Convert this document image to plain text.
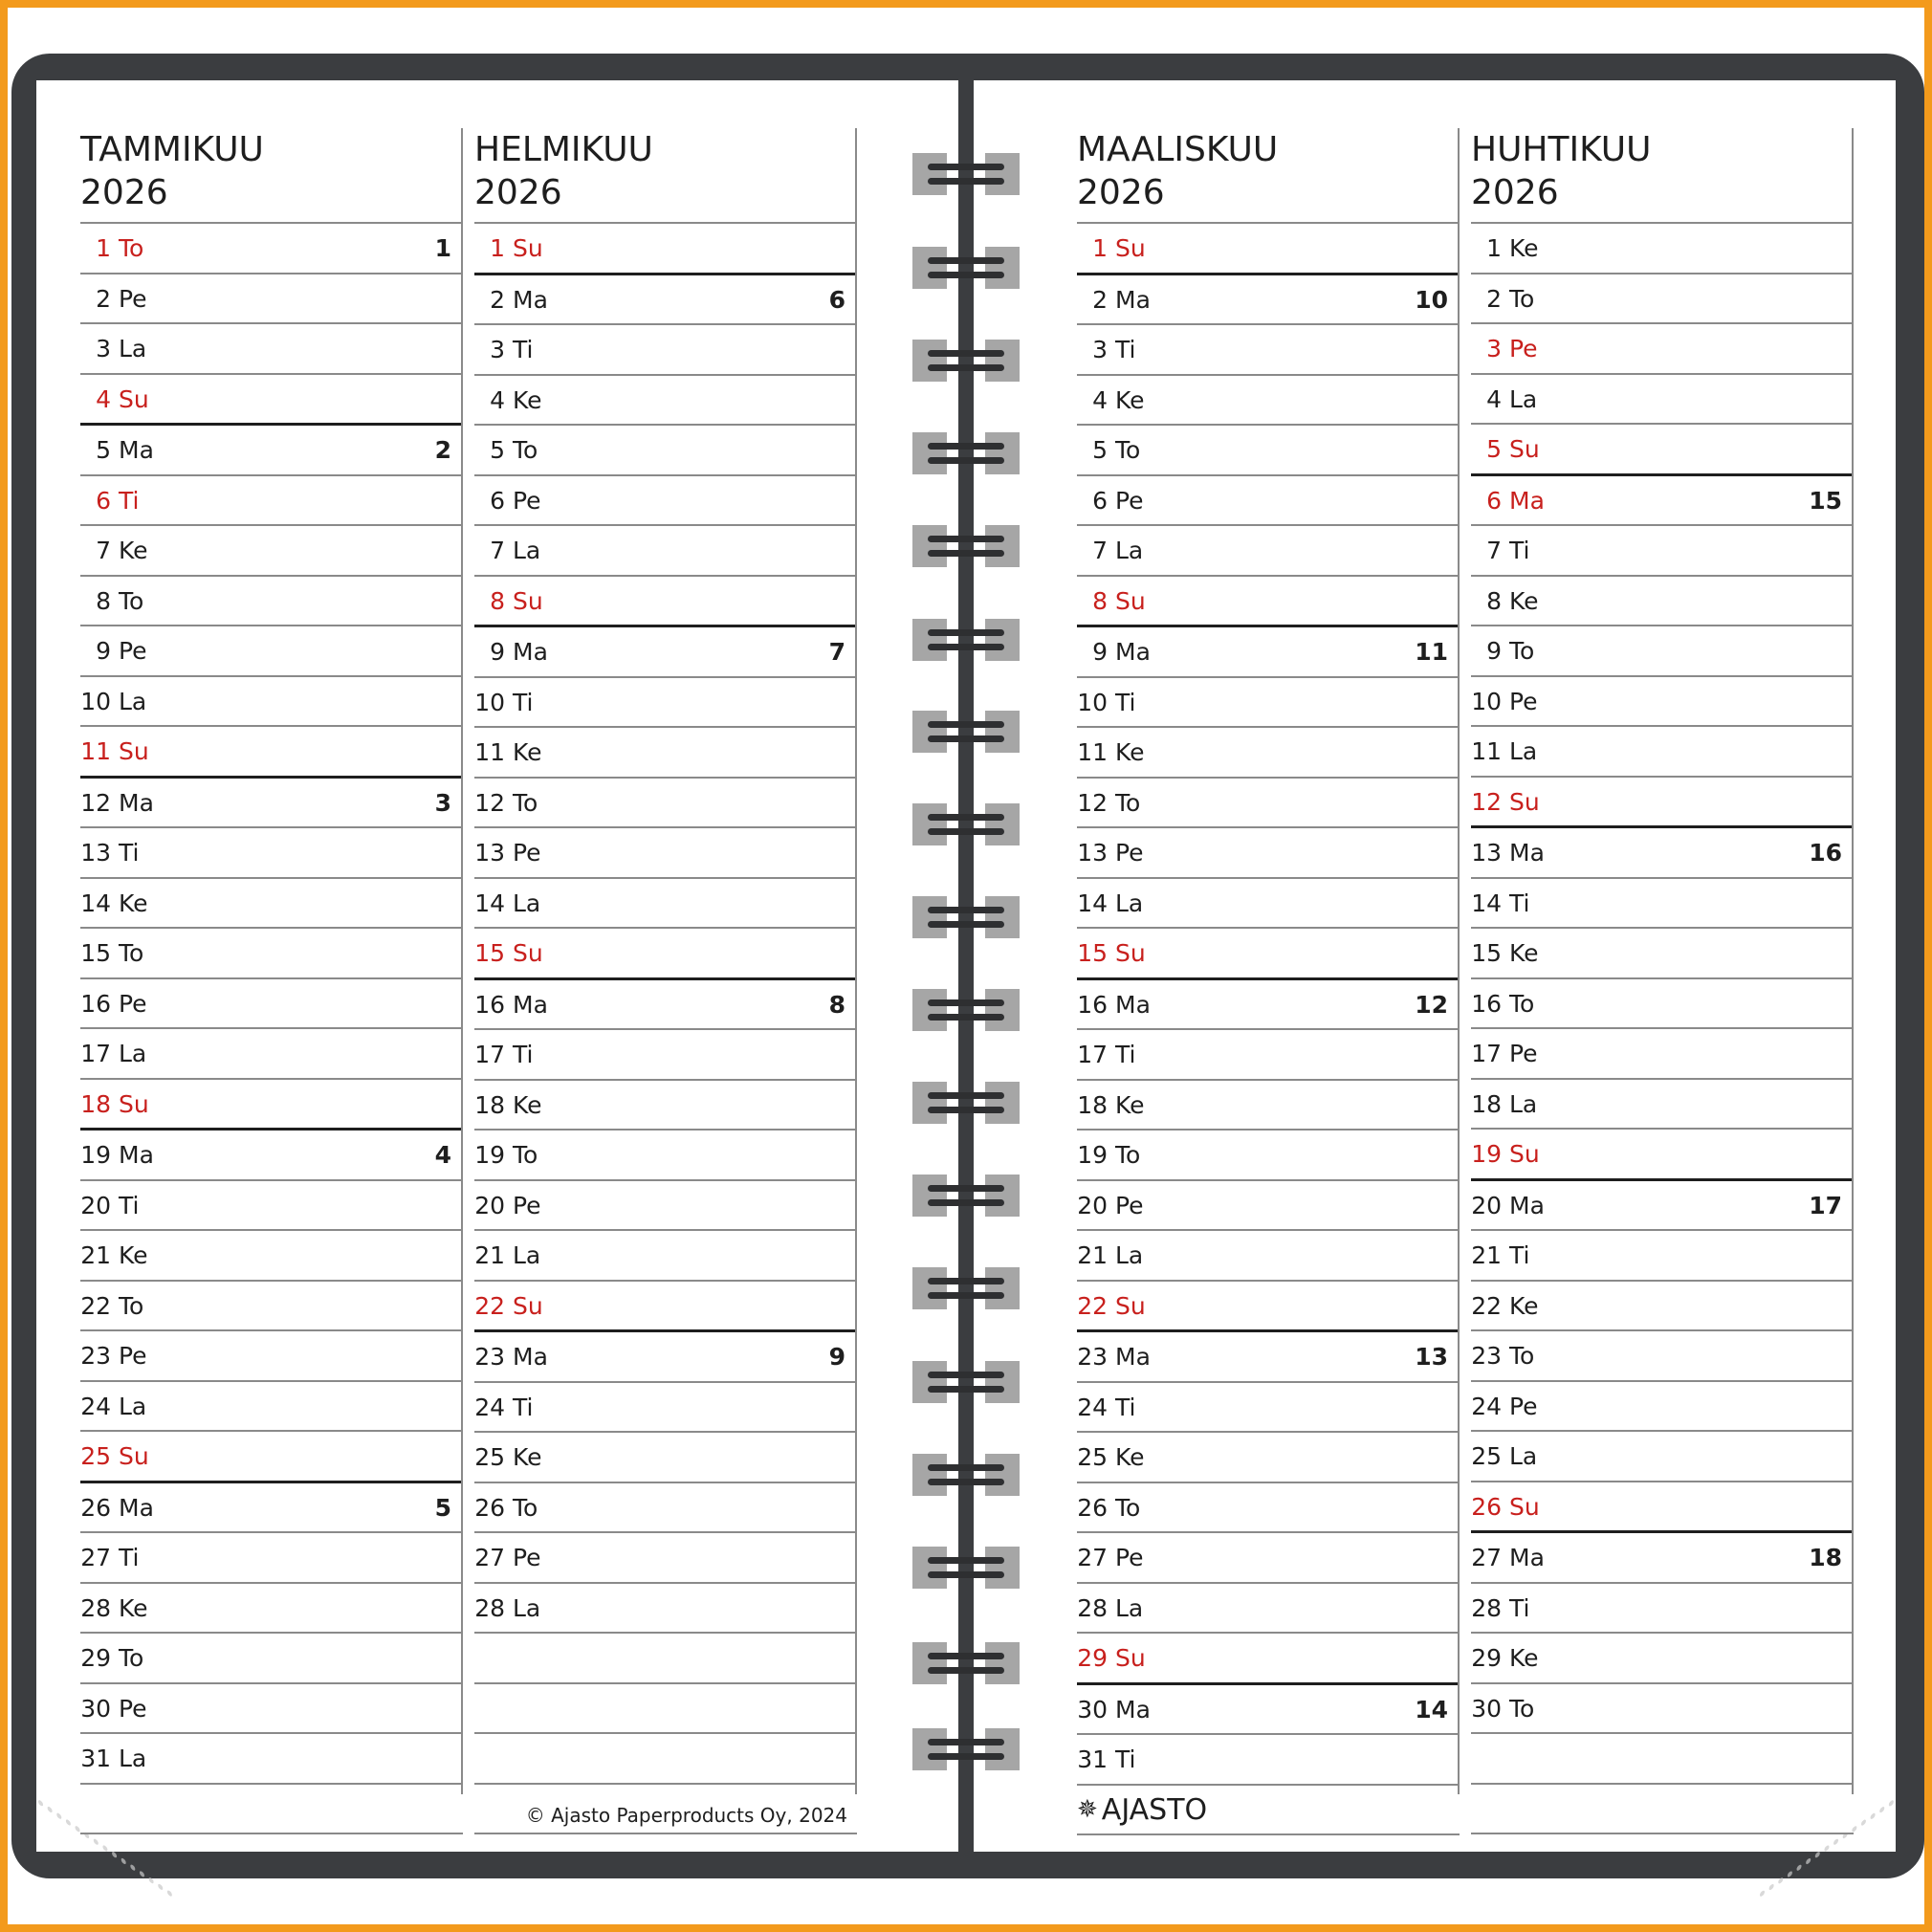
TAMMIKUU
2026
1 To	1
2 Pe
3 La
4 Su
5 Ma	2
6 Ti
7 Ke
8 To
9 Pe
10 La
11 Su
12 Ma	3
13 Ti
14 Ke
15 To
16 Pe
17 La
18 Su
19 Ma	4
20 Ti
21 Ke
22 To
23 Pe
24 La
25 Su
26 Ma	5
27 Ti
28 Ke
29 To
30 Pe
31 La
HELMIKUU
2026
1 Su
2 Ma	6
3 Ti
4 Ke
5 To
6 Pe
7 La
8 Su
9 Ma	7
10 Ti
11 Ke
12 To
13 Pe
14 La
15 Su
16 Ma	8
17 Ti
18 Ke
19 To
20 Pe
21 La
22 Su
23 Ma	9
24 Ti
25 Ke
26 To
27 Pe
28 La
© Ajasto Paperproducts Oy, 2024
MAALISKUU
2026
1 Su
2 Ma	10
3 Ti
4 Ke
5 To
6 Pe
7 La
8 Su
9 Ma	11
10 Ti
11 Ke
12 To
13 Pe
14 La
15 Su
16 Ma	12
17 Ti
18 Ke
19 To
20 Pe
21 La
22 Su
23 Ma	13
24 Ti
25 Ke
26 To
27 Pe
28 La
29 Su
30 Ma	14
31 Ti
✵ AJASTO
HUHTIKUU
2026
1 Ke
2 To
3 Pe
4 La
5 Su
6 Ma	15
7 Ti
8 Ke
9 To
10 Pe
11 La
12 Su
13 Ma	16
14 Ti
15 Ke
16 To
17 Pe
18 La
19 Su
20 Ma	17
21 Ti
22 Ke
23 To
24 Pe
25 La
26 Su
27 Ma	18
28 Ti
29 Ke
30 To
